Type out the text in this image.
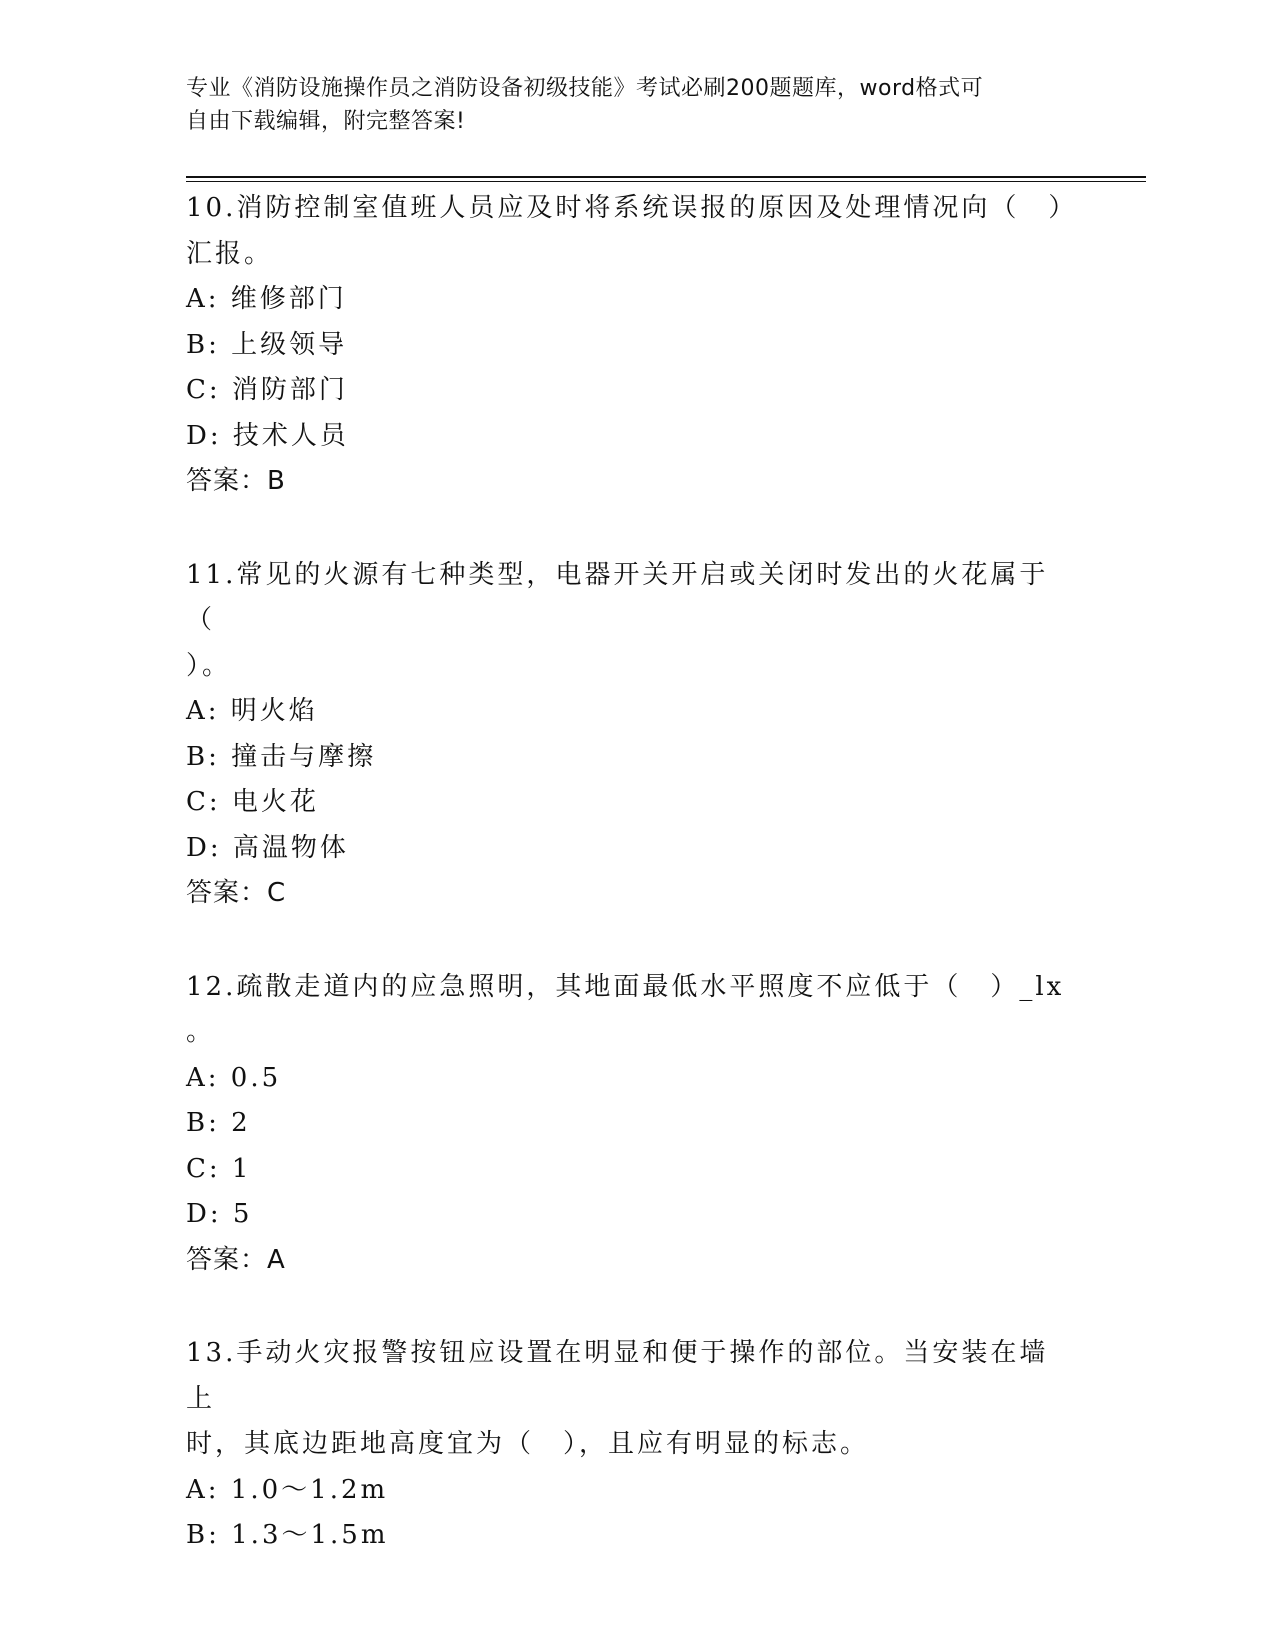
专业《消防设施操作员之消防设备初级技能》考试必刷200题题库，word格式可
自由下载编辑，附完整答案!
10.消防控制室值班人员应及时将系统误报的原因及处理情况向（　）
汇报。
A: 维修部门
B: 上级领导
C: 消防部门
D: 技术人员
答案：B
11.常见的火源有七种类型，电器开关开启或关闭时发出的火花属于（
）。
A: 明火焰
B: 撞击与摩擦
C: 电火花
D: 高温物体
答案：C
12.疏散走道内的应急照明，其地面最低水平照度不应低于（　）_lx
。
A: 0.5
B: 2
C: 1
D: 5
答案：A
13.手动火灾报警按钮应设置在明显和便于操作的部位。当安装在墙上
时，其底边距地高度宜为（　），且应有明显的标志。
A: 1.0～1.2m
B: 1.3～1.5m
